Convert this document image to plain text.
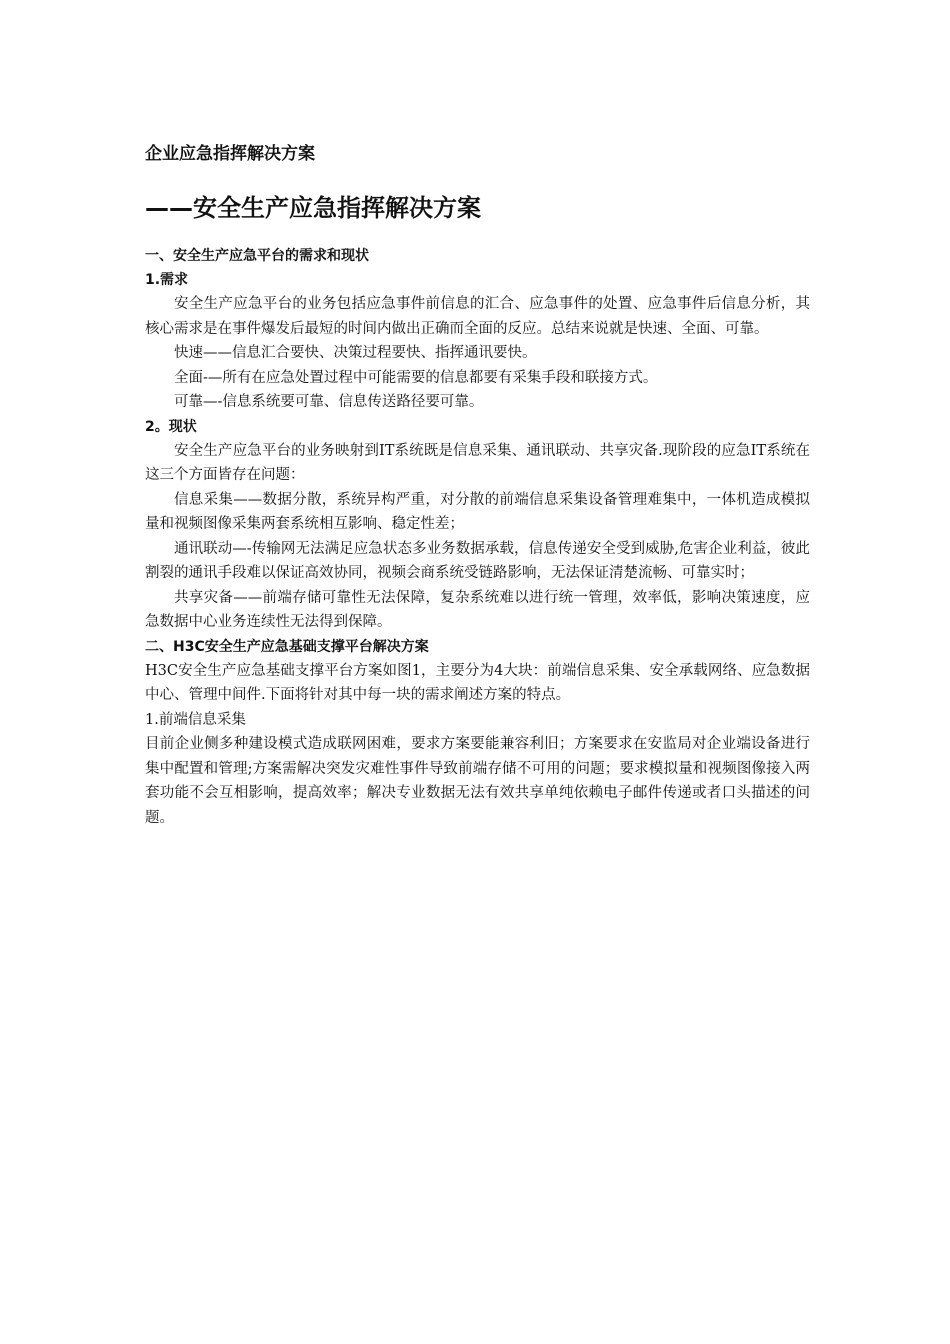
企业应急指挥解决方案

——安全生产应急指挥解决方案

一、安全生产应急平台的需求和现状

1.需求

安全生产应急平台的业务包括应急事件前信息的汇合、应急事件的处置、应急事件后信息分析，其核心需求是在事件爆发后最短的时间内做出正确而全面的反应。总结来说就是快速、全面、可靠。

快速——信息汇合要快、决策过程要快、指挥通讯要快。

全面-—所有在应急处置过程中可能需要的信息都要有采集手段和联接方式。

可靠—-信息系统要可靠、信息传送路径要可靠。

2。现状

安全生产应急平台的业务映射到IT系统既是信息采集、通讯联动、共享灾备.现阶段的应急IT系统在这三个方面皆存在问题：

信息采集——数据分散，系统异构严重，对分散的前端信息采集设备管理难集中，一体机造成模拟量和视频图像采集两套系统相互影响、稳定性差；

通讯联动—-传输网无法满足应急状态多业务数据承载，信息传递安全受到威胁,危害企业利益，彼此割裂的通讯手段难以保证高效协同，视频会商系统受链路影响，无法保证清楚流畅、可靠实时；

共享灾备——前端存储可靠性无法保障，复杂系统难以进行统一管理，效率低，影响决策速度，应急数据中心业务连续性无法得到保障。

二、H3C安全生产应急基础支撑平台解决方案

H3C安全生产应急基础支撑平台方案如图1，主要分为4大块：前端信息采集、安全承载网络、应急数据中心、管理中间件.下面将针对其中每一块的需求阐述方案的特点。

1.前端信息采集

目前企业侧多种建设模式造成联网困难，要求方案要能兼容利旧；方案要求在安监局对企业端设备进行集中配置和管理;方案需解决突发灾难性事件导致前端存储不可用的问题；要求模拟量和视频图像接入两套功能不会互相影响，提高效率；解决专业数据无法有效共享单纯依赖电子邮件传递或者口头描述的问题。
